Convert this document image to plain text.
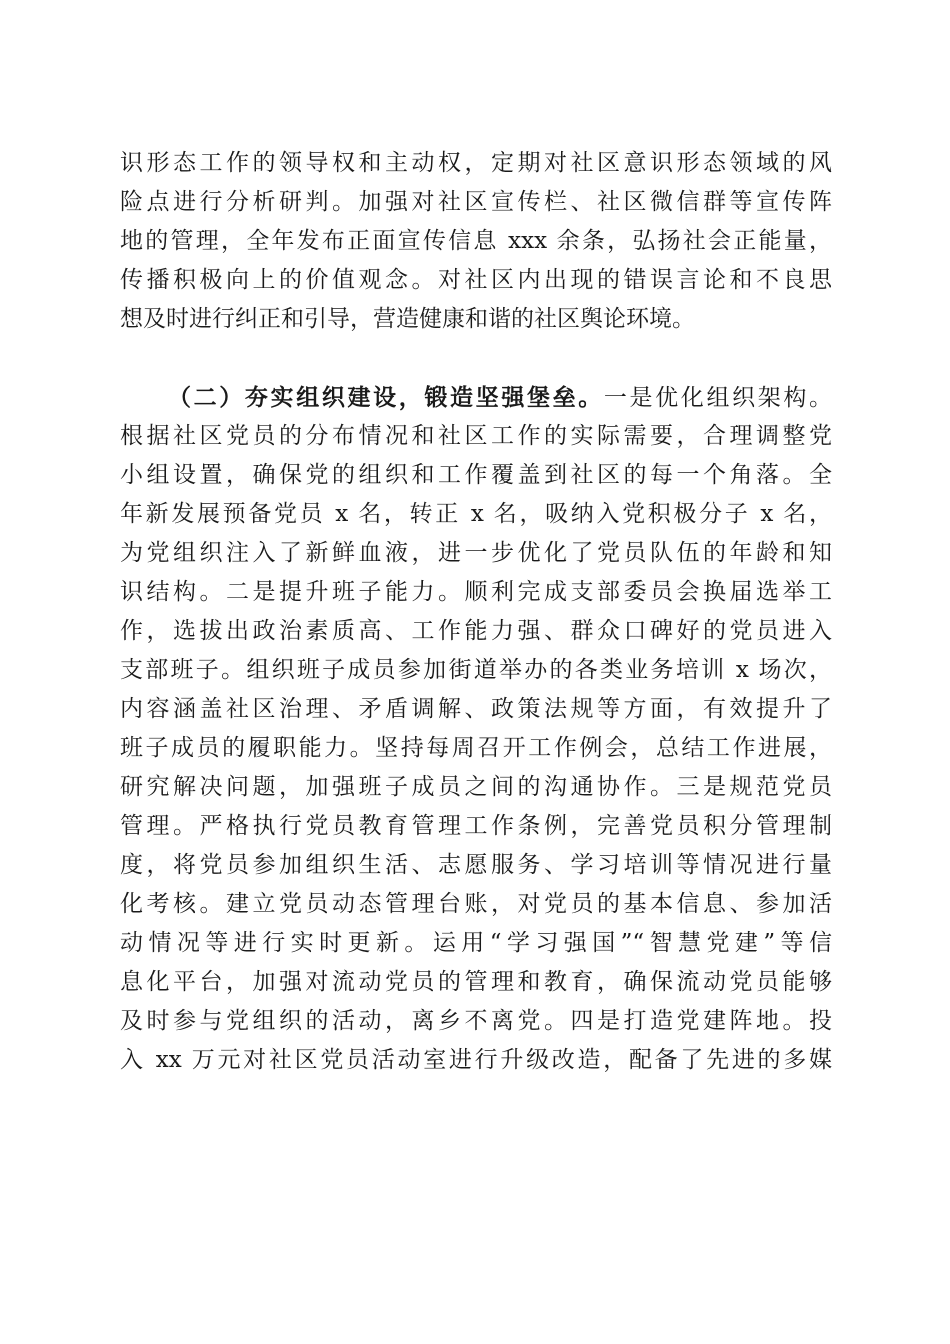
识形态工作的领导权和主动权，定期对社区意识形态领域的风
险点进行分析研判。加强对社区宣传栏、社区微信群等宣传阵
地的管理，全年发布正面宣传信息 xxx 余条，弘扬社会正能量，
传播积极向上的价值观念。对社区内出现的错误言论和不良思
想及时进行纠正和引导，营造健康和谐的社区舆论环境。
（二）夯实组织建设，锻造坚强堡垒。一是优化组织架构。
根据社区党员的分布情况和社区工作的实际需要，合理调整党
小组设置，确保党的组织和工作覆盖到社区的每一个角落。全
年新发展预备党员 x 名，转正 x 名，吸纳入党积极分子 x 名，
为党组织注入了新鲜血液，进一步优化了党员队伍的年龄和知
识结构。二是提升班子能力。顺利完成支部委员会换届选举工
作，选拔出政治素质高、工作能力强、群众口碑好的党员进入
支部班子。组织班子成员参加街道举办的各类业务培训 x 场次，
内容涵盖社区治理、矛盾调解、政策法规等方面，有效提升了
班子成员的履职能力。坚持每周召开工作例会，总结工作进展，
研究解决问题，加强班子成员之间的沟通协作。三是规范党员
管理。严格执行党员教育管理工作条例，完善党员积分管理制
度，将党员参加组织生活、志愿服务、学习培训等情况进行量
化考核。建立党员动态管理台账，对党员的基本信息、参加活
动情况等进行实时更新。运用“学习强国”“智慧党建”等信
息化平台，加强对流动党员的管理和教育，确保流动党员能够
及时参与党组织的活动，离乡不离党。四是打造党建阵地。投
入 xx 万元对社区党员活动室进行升级改造，配备了先进的多媒
